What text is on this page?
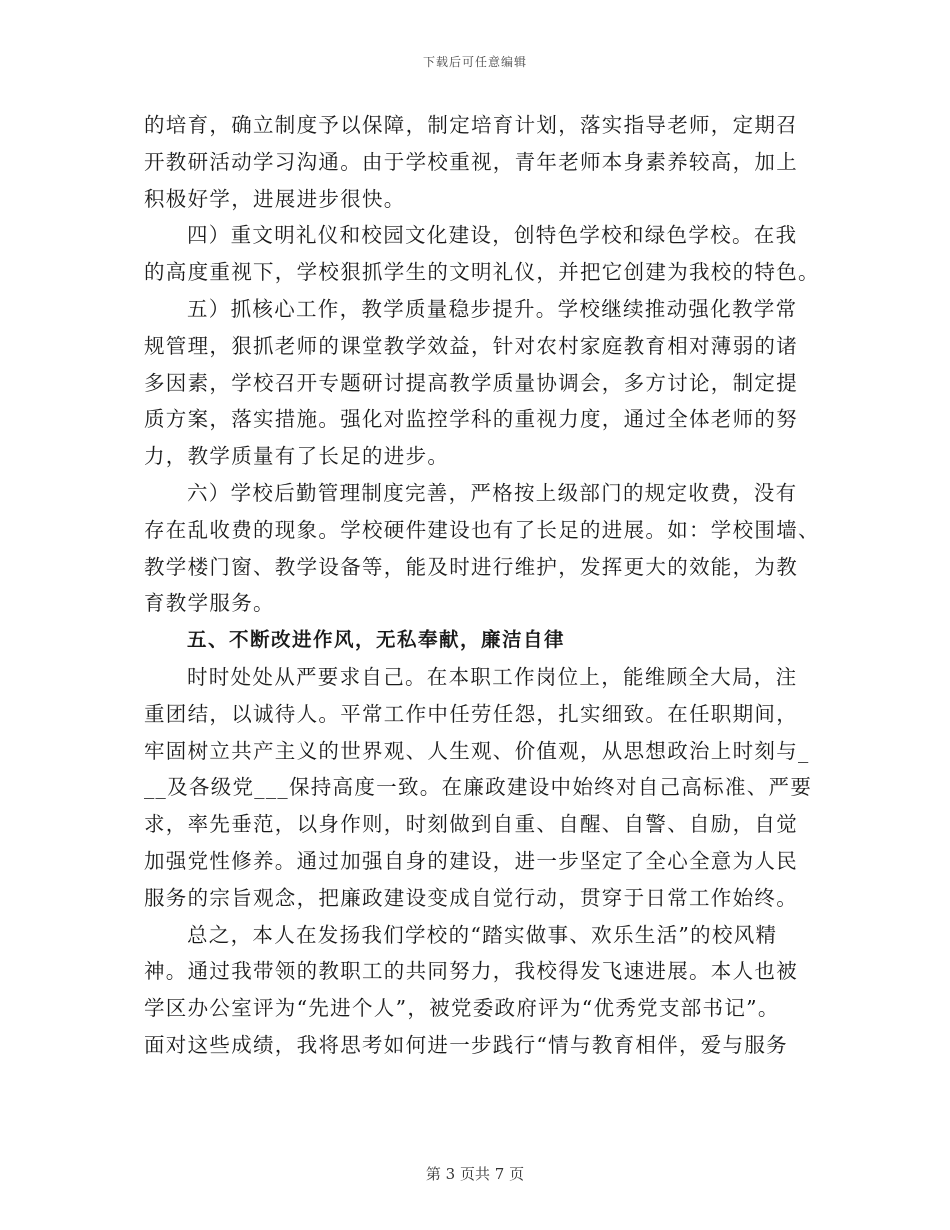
下载后可任意编辑
的培育，确立制度予以保障，制定培育计划，落实指导老师，定期召
开教研活动学习沟通。由于学校重视，青年老师本身素养较高，加上
积极好学，进展进步很快。
四）重文明礼仪和校园文化建设，创特色学校和绿色学校。在我
的高度重视下，学校狠抓学生的文明礼仪，并把它创建为我校的特色。
五）抓核心工作，教学质量稳步提升。学校继续推动强化教学常
规管理，狠抓老师的课堂教学效益，针对农村家庭教育相对薄弱的诸
多因素，学校召开专题研讨提高教学质量协调会，多方讨论，制定提
质方案，落实措施。强化对监控学科的重视力度，通过全体老师的努
力，教学质量有了长足的进步。
六）学校后勤管理制度完善，严格按上级部门的规定收费，没有
存在乱收费的现象。学校硬件建设也有了长足的进展。如：学校围墙、
教学楼门窗、教学设备等，能及时进行维护，发挥更大的效能，为教
育教学服务。
五、不断改进作风，无私奉献，廉洁自律
时时处处从严要求自己。在本职工作岗位上，能维顾全大局，注
重团结，以诚待人。平常工作中任劳任怨，扎实细致。在任职期间，
牢固树立共产主义的世界观、人生观、价值观，从思想政治上时刻与_
__及各级党___保持高度一致。在廉政建设中始终对自己高标准、严要
求，率先垂范，以身作则，时刻做到自重、自醒、自警、自励，自觉
加强党性修养。通过加强自身的建设，进一步坚定了全心全意为人民
服务的宗旨观念，把廉政建设变成自觉行动，贯穿于日常工作始终。
总之，本人在发扬我们学校的“踏实做事、欢乐生活”的校风精
神。通过我带领的教职工的共同努力，我校得发飞速进展。本人也被
学区办公室评为“先进个人”，被党委政府评为“优秀党支部书记”。
面对这些成绩，我将思考如何进一步践行“情与教育相伴，爱与服务
第 3 页共 7 页
